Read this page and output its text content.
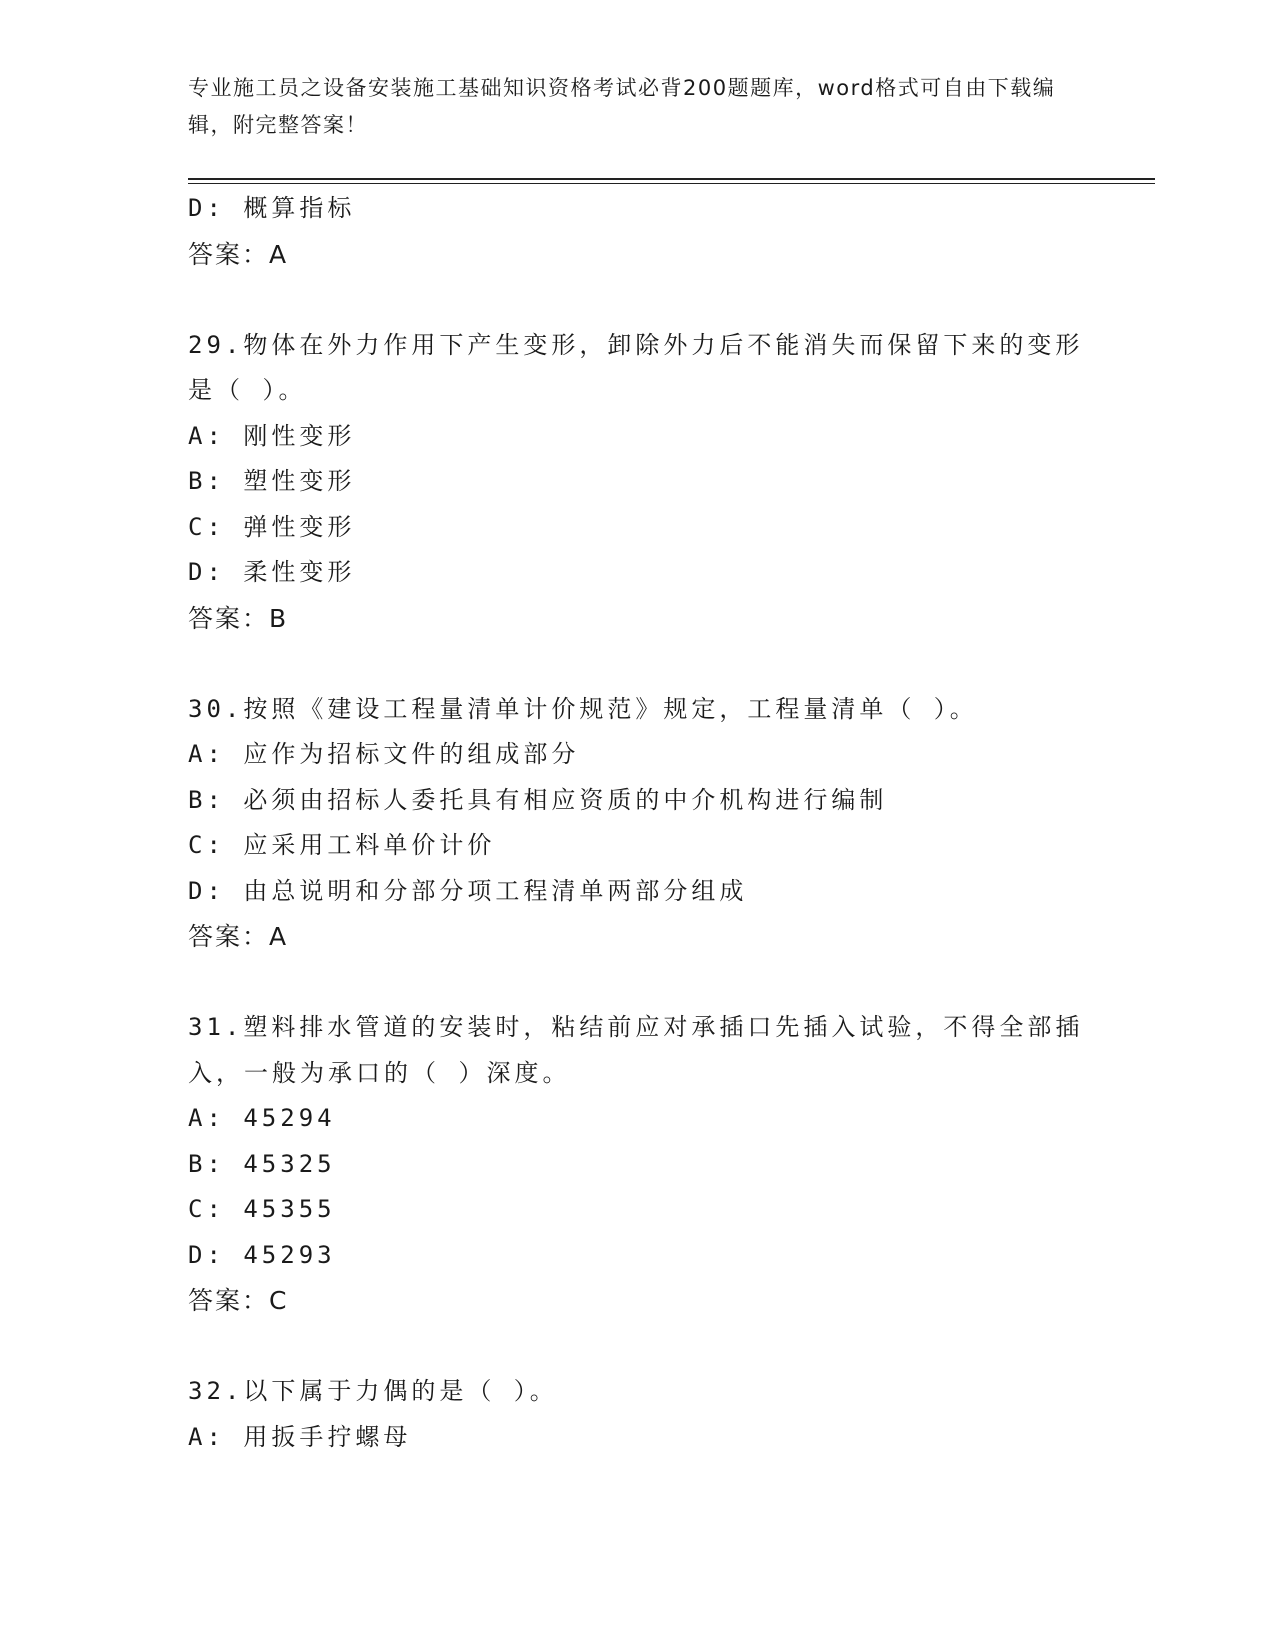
专业施工员之设备安装施工基础知识资格考试必背200题题库，word格式可自由下载编辑，附完整答案！
D: 概算指标
答案：A
29.物体在外力作用下产生变形，卸除外力后不能消失而保留下来的变形是（ ）。
A: 刚性变形
B: 塑性变形
C: 弹性变形
D: 柔性变形
答案：B
30.按照《建设工程量清单计价规范》规定，工程量清单（ ）。
A: 应作为招标文件的组成部分
B: 必须由招标人委托具有相应资质的中介机构进行编制
C: 应采用工料单价计价
D: 由总说明和分部分项工程清单两部分组成
答案：A
31.塑料排水管道的安装时，粘结前应对承插口先插入试验，不得全部插入，一般为承口的（ ）深度。
A: 45294
B: 45325
C: 45355
D: 45293
答案：C
32.以下属于力偶的是（ ）。
A: 用扳手拧螺母
